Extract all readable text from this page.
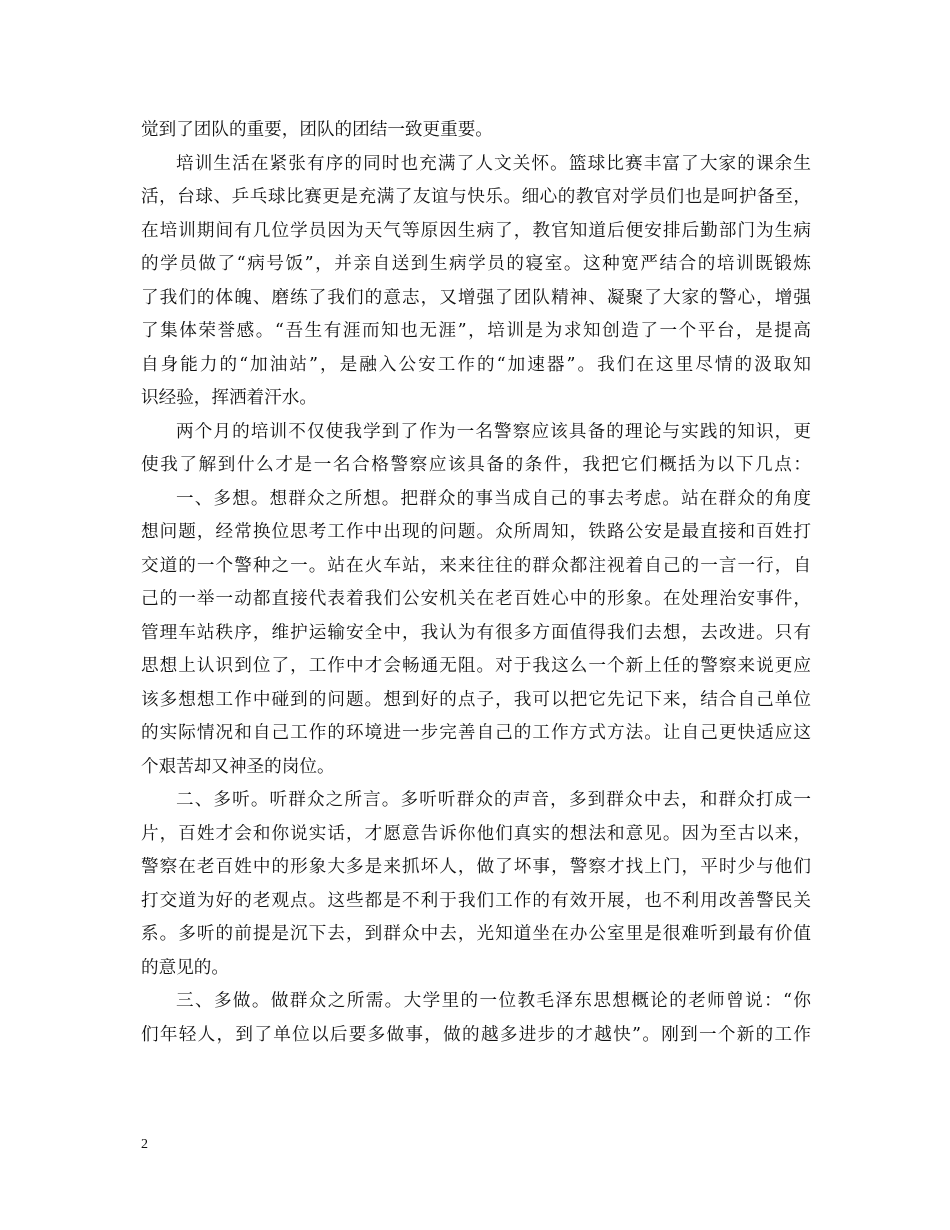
觉到了团队的重要，团队的团结一致更重要。
培训生活在紧张有序的同时也充满了人文关怀。篮球比赛丰富了大家的课余生
活，台球、乒乓球比赛更是充满了友谊与快乐。细心的教官对学员们也是呵护备至，
在培训期间有几位学员因为天气等原因生病了，教官知道后便安排后勤部门为生病
的学员做了“病号饭”，并亲自送到生病学员的寝室。这种宽严结合的培训既锻炼
了我们的体魄、磨练了我们的意志，又增强了团队精神、凝聚了大家的警心，增强
了集体荣誉感。“吾生有涯而知也无涯”，培训是为求知创造了一个平台，是提高
自身能力的“加油站”，是融入公安工作的“加速器”。我们在这里尽情的汲取知
识经验，挥洒着汗水。
两个月的培训不仅使我学到了作为一名警察应该具备的理论与实践的知识，更
使我了解到什么才是一名合格警察应该具备的条件，我把它们概括为以下几点：
一、多想。想群众之所想。把群众的事当成自己的事去考虑。站在群众的角度
想问题，经常换位思考工作中出现的问题。众所周知，铁路公安是最直接和百姓打
交道的一个警种之一。站在火车站，来来往往的群众都注视着自己的一言一行，自
己的一举一动都直接代表着我们公安机关在老百姓心中的形象。在处理治安事件，
管理车站秩序，维护运输安全中，我认为有很多方面值得我们去想，去改进。只有
思想上认识到位了，工作中才会畅通无阻。对于我这么一个新上任的警察来说更应
该多想想工作中碰到的问题。想到好的点子，我可以把它先记下来，结合自己单位
的实际情况和自己工作的环境进一步完善自己的工作方式方法。让自己更快适应这
个艰苦却又神圣的岗位。
二、多听。听群众之所言。多听听群众的声音，多到群众中去，和群众打成一
片，百姓才会和你说实话，才愿意告诉你他们真实的想法和意见。因为至古以来，
警察在老百姓中的形象大多是来抓坏人，做了坏事，警察才找上门，平时少与他们
打交道为好的老观点。这些都是不利于我们工作的有效开展，也不利用改善警民关
系。多听的前提是沉下去，到群众中去，光知道坐在办公室里是很难听到最有价值
的意见的。
三、多做。做群众之所需。大学里的一位教毛泽东思想概论的老师曾说：“你
们年轻人，到了单位以后要多做事，做的越多进步的才越快”。刚到一个新的工作
2
